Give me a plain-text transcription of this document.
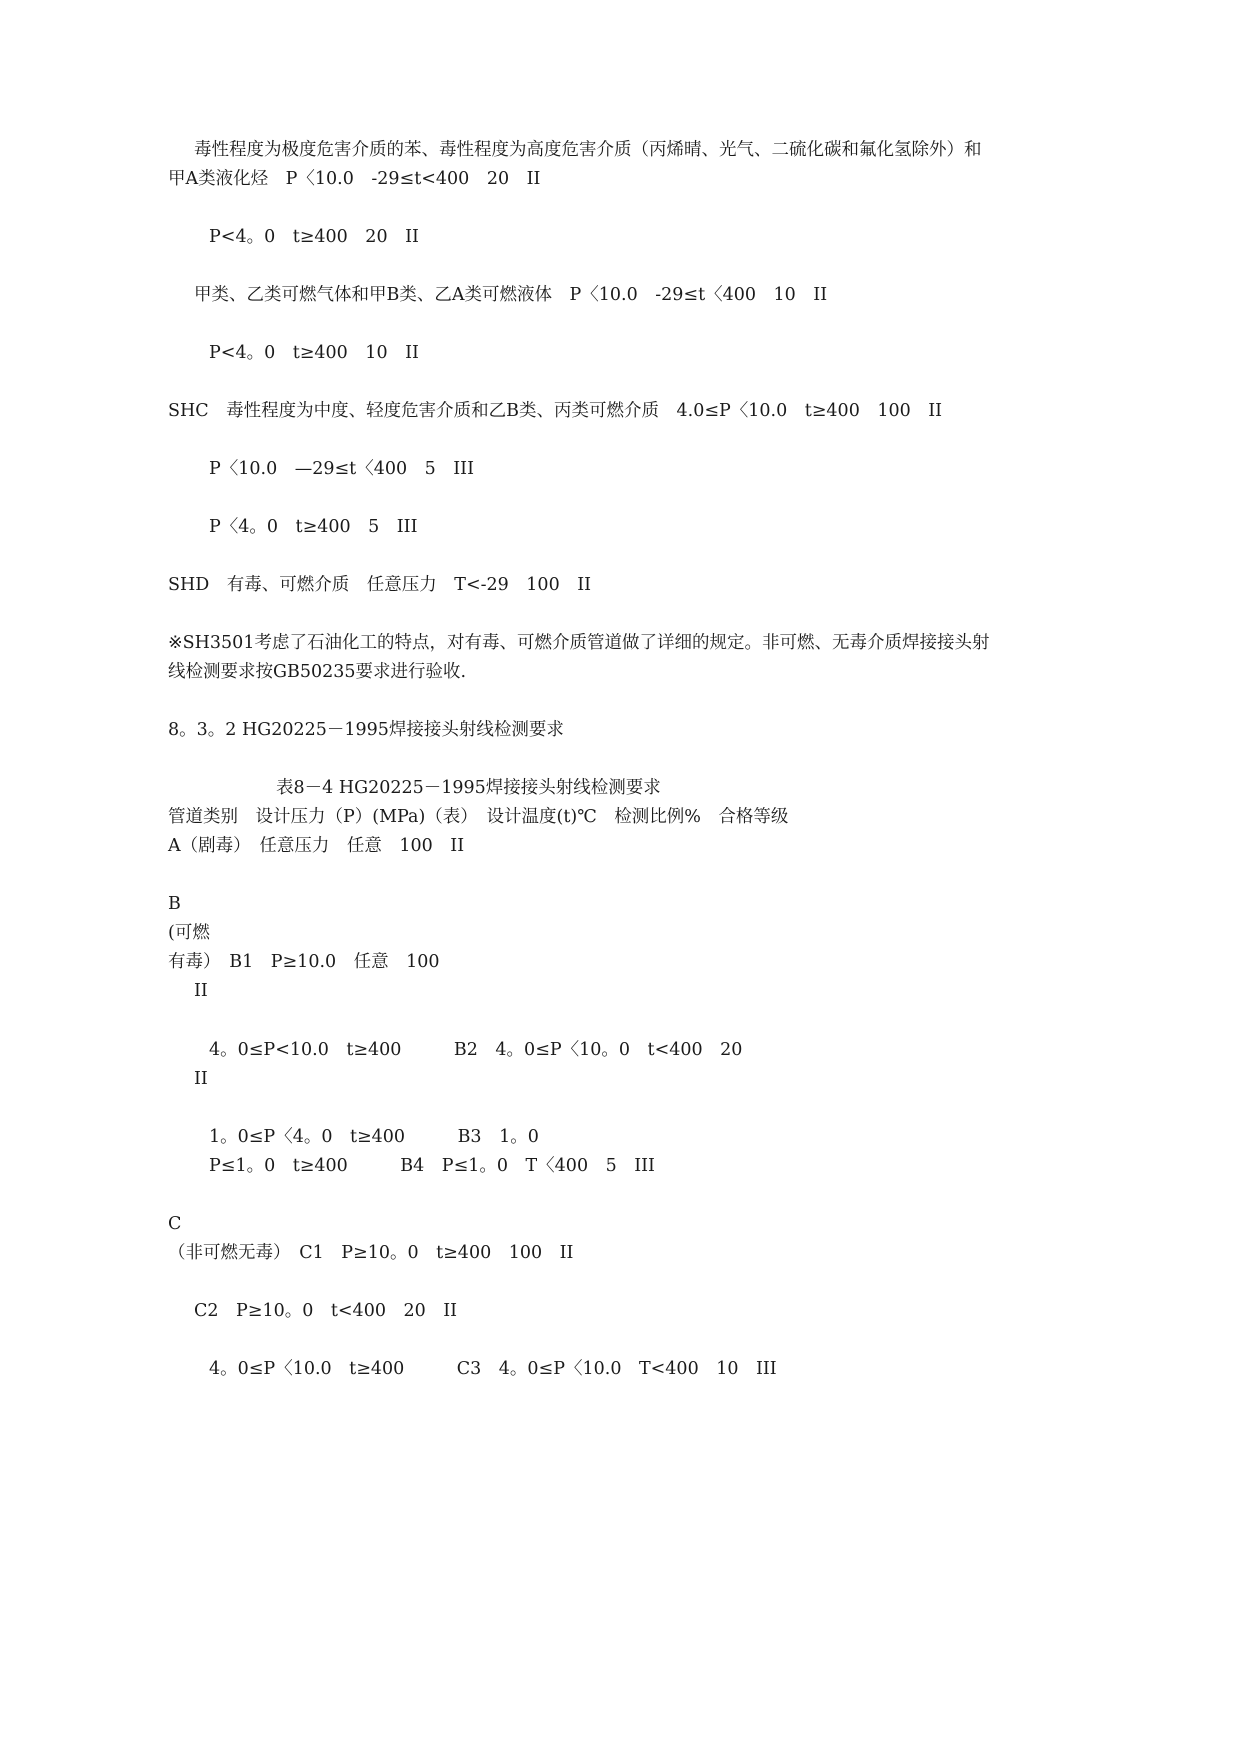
毒性程度为极度危害介质的苯、毒性程度为高度危害介质（丙烯晴、光气、二硫化碳和氟化氢除外）和
甲A类液化烃　P〈10.0　-29≤t<400　20　II
P<4。0　t≥400　20　II
甲类、乙类可燃气体和甲B类、乙A类可燃液体　P〈10.0　-29≤t〈400　10　II
P<4。0　t≥400　10　II
SHC　毒性程度为中度、轻度危害介质和乙B类、丙类可燃介质　4.0≤P〈10.0　t≥400　100　II
P〈10.0　—29≤t〈400　5　III
P〈4。0　t≥400　5　III
SHD　有毒、可燃介质　任意压力　T<-29　100　II
※SH3501考虑了石油化工的特点，对有毒、可燃介质管道做了详细的规定。非可燃、无毒介质焊接接头射
线检测要求按GB50235要求进行验收.
8。3。2 HG20225－1995焊接接头射线检测要求
表8－4 HG20225－1995焊接接头射线检测要求
管道类别　设计压力（P）(MPa)（表）　设计温度(t)℃　检测比例%　合格等级
A（剧毒）　任意压力　任意　100　II
B
(可燃
有毒）　B1　P≥10.0　任意　100
II
4。0≤P<10.0　t≥400　　　B2　4。0≤P〈10。0　t<400　20
II
1。0≤P〈4。0　t≥400　　　B3　1。0
P≤1。0　t≥400　　　B4　P≤1。0　T〈400　5　III
C
（非可燃无毒）　C1　P≥10。0　t≥400　100　II
C2　P≥10。0　t<400　20　II
4。0≤P〈10.0　t≥400　　　C3　4。0≤P〈10.0　T<400　10　III
